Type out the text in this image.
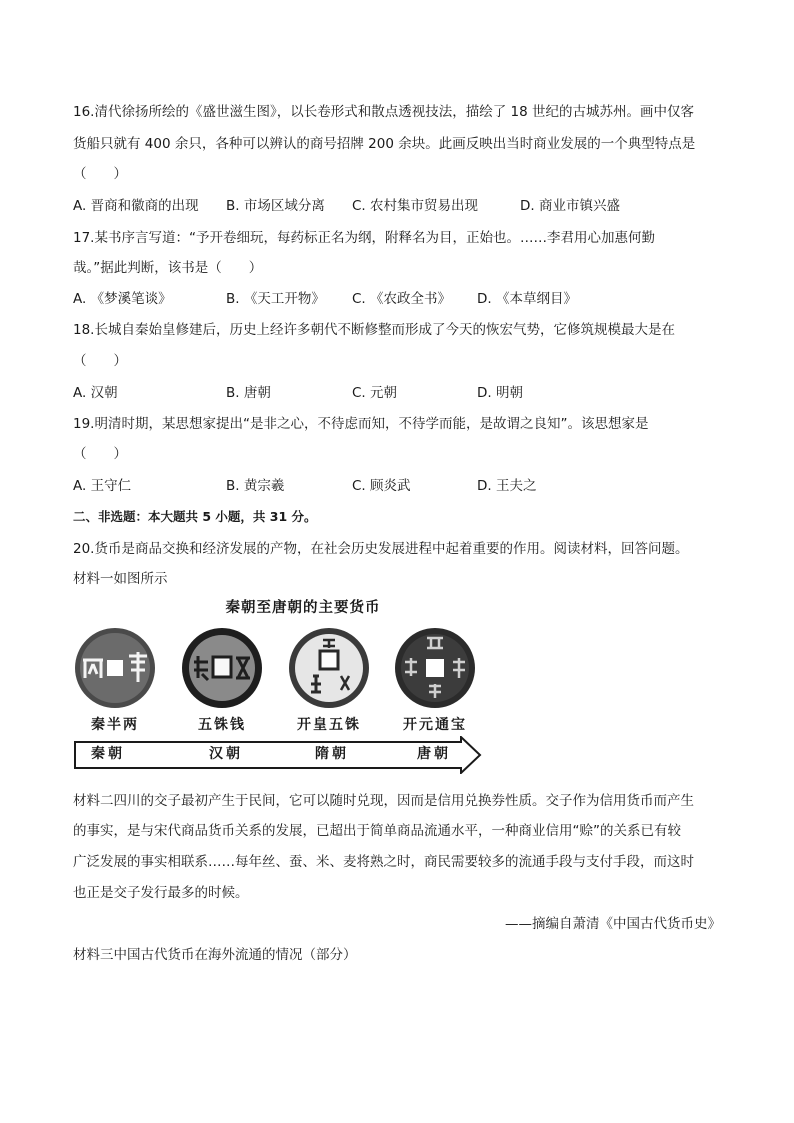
16.清代徐扬所绘的《盛世滋生图》，以长卷形式和散点透视技法，描绘了 18 世纪的古城苏州。画中仅客
货船只就有 400 余只，各种可以辨认的商号招牌 200 余块。此画反映出当时商业发展的一个典型特点是
（　　）
A. 晋商和徽商的出现 B. 市场区域分离 C. 农村集市贸易出现	D. 商业市镇兴盛
17.某书序言写道：“予开卷细玩，每药标正名为纲，附释名为目，正始也。……李君用心加惠何勤
哉。”据此判断，该书是（　　）
A. 《梦溪笔谈》	B. 《天工开物》 C. 《农政全书》 D. 《本草纲目》
18.长城自秦始皇修建后，历史上经许多朝代不断修整而形成了今天的恢宏气势，它修筑规模最大是在
（　　）
A. 汉朝	B. 唐朝	C. 元朝	D. 明朝
19.明清时期，某思想家提出“是非之心，不待虑而知，不待学而能，是故谓之良知”。该思想家是
（　　）
A. 王守仁	B. 黄宗羲	C. 顾炎武	D. 王夫之
二、非选题：本大题共 5 小题，共 31 分。
20.货币是商品交换和经济发展的产物，在社会历史发展进程中起着重要的作用。阅读材料，回答问题。
材料一如图所示
秦朝至唐朝的主要货币
秦半两	五铢钱	开皇五铢	开元通宝
秦朝	汉朝	隋朝	唐朝
材料二四川的交子最初产生于民间，它可以随时兑现，因而是信用兑换券性质。交子作为信用货币而产生
的事实，是与宋代商品货币关系的发展，已超出于简单商品流通水平，一种商业信用“赊”的关系已有较
广泛发展的事实相联系……每年丝、蚕、米、麦将熟之时，商民需要较多的流通手段与支付手段，而这时
也正是交子发行最多的时候。
——摘编自萧清《中国古代货币史》
材料三中国古代货币在海外流通的情况（部分）
